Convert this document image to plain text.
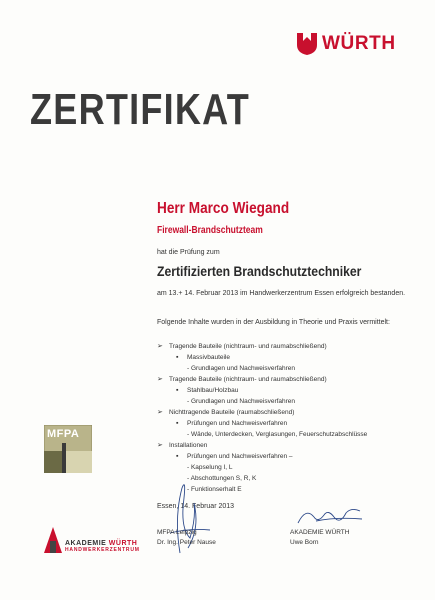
WÜRTH
ZERTIFIKAT
Herr Marco Wiegand
Firewall-Brandschutzteam
hat die Prüfung zum
Zertifizierten Brandschutztechniker
am 13.+ 14. Februar 2013 im Handwerkerzentrum Essen erfolgreich bestanden.
Folgende Inhalte wurden in der Ausbildung in Theorie und Praxis vermittelt:
➢ Tragende Bauteile (nichtraum- und raumabschließend)
▪ Massivbauteile
- Grundlagen und Nachweisverfahren
➢ Tragende Bauteile (nichtraum- und raumabschließend)
▪ Stahlbau/Holzbau
- Grundlagen und Nachweisverfahren
➢ Nichttragende Bauteile (raumabschließend)
▪ Prüfungen und Nachweisverfahren
- Wände, Unterdecken, Verglasungen, Feuerschutzabschlüsse
➢ Installationen
▪ Prüfungen und Nachweisverfahren –
- Kapselung I, L
- Abschottungen S, R, K
- Funktionserhalt E
MFPA
Essen, 14. Februar 2013
MFPA Leipzig
Dr. Ing. Peter Nause
AKADEMIE WÜRTH
Uwe Born
AKADEMIE WÜRTH
HANDWERKERZENTRUM
